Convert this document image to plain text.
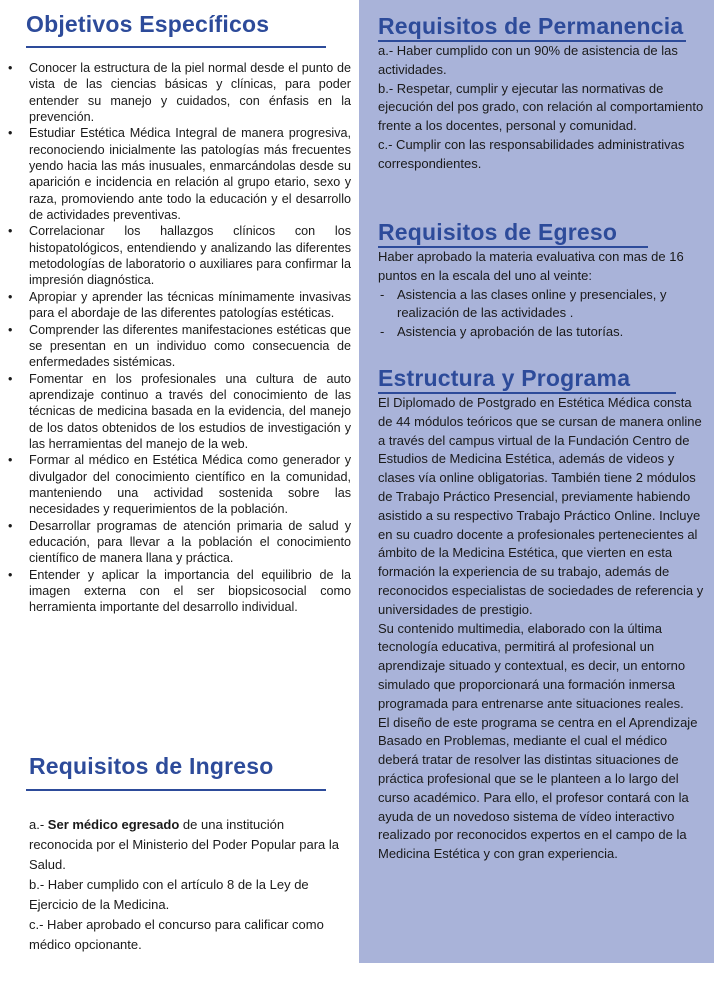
Objetivos Específicos
• Conocer la estructura de la piel normal desde el punto de vista de las ciencias básicas y clínicas, para poder entender su manejo y cuidados, con énfasis en la prevención.
• Estudiar Estética Médica Integral de manera progresiva, reconociendo inicialmente las patologías más frecuentes yendo hacia las más inusuales, enmarcándolas desde su aparición e incidencia en relación al grupo etario, sexo y raza, promoviendo ante todo la educación y el desarrollo de actividades preventivas.
• Correlacionar los hallazgos clínicos con los histopatológicos, entendiendo y analizando las diferentes metodologías de laboratorio o auxiliares para confirmar la impresión diagnóstica.
• Apropiar y aprender las técnicas mínimamente invasivas para el abordaje de las diferentes patologías estéticas.
• Comprender las diferentes manifestaciones estéticas que se presentan en un individuo como consecuencia de enfermedades sistémicas.
• Fomentar en los profesionales una cultura de auto aprendizaje continuo a través del conocimiento de las técnicas de medicina basada en la evidencia, del manejo de los datos obtenidos de los estudios de investigación y las herramientas del manejo de la web.
• Formar al médico en Estética Médica como generador y divulgador del conocimiento científico en la comunidad, manteniendo una actividad sostenida sobre las necesidades y requerimientos de la población.
• Desarrollar programas de atención primaria de salud y educación, para llevar a la población el conocimiento científico de manera llana y práctica.
• Entender y aplicar la importancia del equilibrio de la imagen externa con el ser biopsicosocial como herramienta importante del desarrollo individual.
Requisitos de Ingreso

a.- Ser médico egresado de una institución reconocida por el Ministerio del Poder Popular para la Salud.

b.- Haber cumplido con el artículo 8 de la Ley de Ejercicio de la Medicina.

c.- Haber aprobado el concurso para calificar como médico opcionante.

Requisitos de Permanencia

a.- Haber cumplido con un 90% de asistencia de las actividades.

b.- Respetar, cumplir y ejecutar las normativas de ejecución del pos grado, con relación al comportamiento frente a los docentes, personal y comunidad.

c.- Cumplir con las responsabilidades administrativas correspondientes.

Requisitos de Egreso

Haber aprobado la materia evaluativa con mas de 16 puntos en la escala del uno al veinte:

- Asistencia a las clases online y presenciales, y realización de las actividades .
- Asistencia y aprobación de las tutorías.
Estructura y Programa

El Diplomado de Postgrado en Estética Médica consta de 44 módulos teóricos que se cursan de manera online a través del campus virtual de la Fundación Centro de Estudios de Medicina Estética, además de videos y clases vía online obligatorias. También tiene 2 módulos de Trabajo Práctico Presencial, previamente habiendo asistido a su respectivo Trabajo Práctico Online. Incluye en su cuadro docente a profesionales pertenecientes al ámbito de la Medicina Estética, que vierten en esta formación la experiencia de su trabajo, además de reconocidos especialistas de sociedades de referencia y universidades de prestigio.

Su contenido multimedia, elaborado con la última tecnología educativa, permitirá al profesional un aprendizaje situado y contextual, es decir, un entorno simulado que proporcionará una formación inmersa programada para entrenarse ante situaciones reales.

El diseño de este programa se centra en el Aprendizaje Basado en Problemas, mediante el cual el médico deberá tratar de resolver las distintas situaciones de práctica profesional que se le planteen a lo largo del curso académico. Para ello, el profesor contará con la ayuda de un novedoso sistema de vídeo interactivo realizado por reconocidos expertos en el campo de la Medicina Estética y con gran experiencia.
